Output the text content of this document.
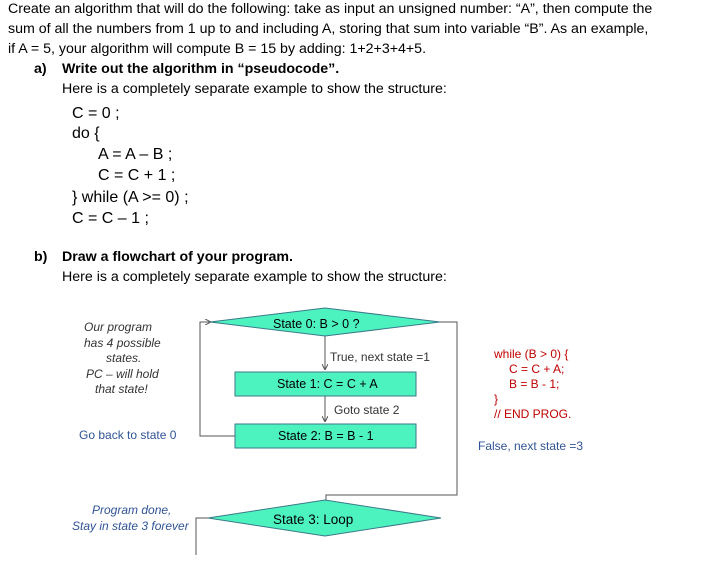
Create an algorithm that will do the following: take as input an unsigned number: “A”, then compute the
sum of all the numbers from 1 up to and including A, storing that sum into variable “B”. As an example,
if A = 5, your algorithm will compute B = 15 by adding: 1+2+3+4+5.
a) Write out the algorithm in “pseudocode”.
Here is a completely separate example to show the structure:
C = 0 ;
do {
A = A – B ;
C = C + 1 ;
} while (A >= 0) ;
C = C – 1 ;
b) Draw a flowchart of your program.
Here is a completely separate example to show the structure:
State 0: B > 0 ?
State 1: C = C + A
State 2: B = B - 1
State 3: Loop
True, next state =1
Goto state 2
Our program
has 4 possible
states.
PC – will hold
that state!
Go back to state 0
Program done,
Stay in state 3 forever
while (B > 0) {
C = C + A;
B = B - 1;
}
// END PROG.
False, next state =3
